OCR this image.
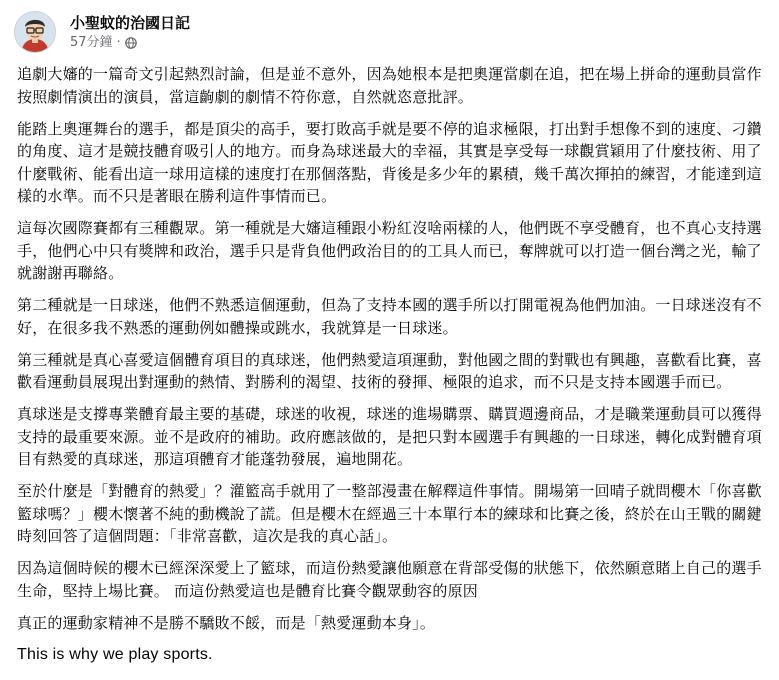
小聖蚊的治國日記
57分鐘 ·

追劇大嬸的一篇奇文引起熱烈討論，但是並不意外，因為她根本是把奧運當劇在追，把在場上拼命的運動員當作按照劇情演出的演員，當這齣劇的劇情不符你意，自然就恣意批評。

能踏上奧運舞台的選手，都是頂尖的高手，要打敗高手就是要不停的追求極限，打出對手想像不到的速度、刁鑽的角度、這才是競技體育吸引人的地方。而身為球迷最大的幸福，其實是享受每一球觀賞穎用了什麼技術、用了什麼戰術、能看出這一球用這樣的速度打在那個落點，背後是多少年的累積，幾千萬次揮拍的練習，才能達到這樣的水準。而不只是著眼在勝利這件事情而已。

這每次國際賽都有三種觀眾。第一種就是大嬸這種跟小粉紅沒啥兩樣的人，他們既不享受體育，也不真心支持選手，他們心中只有獎牌和政治，選手只是背負他們政治目的的工具人而已，奪牌就可以打造一個台灣之光，輸了就謝謝再聯絡。

第二種就是一日球迷，他們不熟悉這個運動，但為了支持本國的選手所以打開電視為他們加油。一日球迷沒有不好，在很多我不熟悉的運動例如體操或跳水，我就算是一日球迷。

第三種就是真心喜愛這個體育項目的真球迷，他們熱愛這項運動，對他國之間的對戰也有興趣，喜歡看比賽，喜歡看運動員展現出對運動的熱情、對勝利的渴望、技術的發揮、極限的追求，而不只是支持本國選手而已。

真球迷是支撐專業體育最主要的基礎，球迷的收視，球迷的進場購票、購買週邊商品，才是職業運動員可以獲得支持的最重要來源。並不是政府的補助。政府應該做的，是把只對本國選手有興趣的一日球迷，轉化成對體育項目有熱愛的真球迷，那這項體育才能蓬勃發展，遍地開花。

至於什麼是「對體育的熱愛」？灌籃高手就用了一整部漫畫在解釋這件事情。開場第一回晴子就問櫻木「你喜歡籃球嗎？」櫻木懷著不純的動機說了謊。但是櫻木在經過三十本單行本的練球和比賽之後，終於在山王戰的關鍵時刻回答了這個問題：「非常喜歡，這次是我的真心話」。

因為這個時候的櫻木已經深深愛上了籃球，而這份熱愛讓他願意在背部受傷的狀態下，依然願意賭上自己的選手生命，堅持上場比賽。 而這份熱愛這也是體育比賽令觀眾動容的原因

真正的運動家精神不是勝不驕敗不餒，而是「熱愛運動本身」。

This is why we play sports.
